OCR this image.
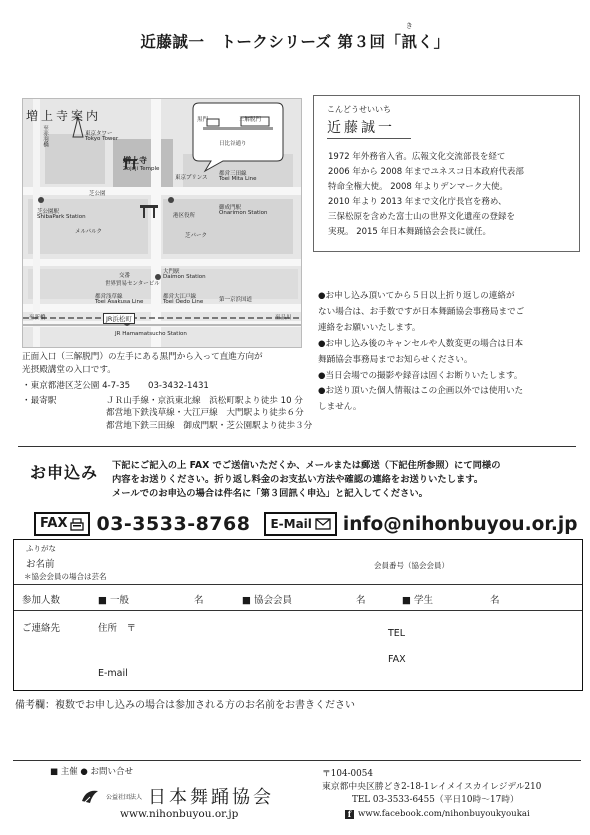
近藤誠一　トークシリーズ 第３回「
き
訊く」
黒門	三解脱門
日比谷通り
東京タワー
Tokyo Tower
増上寺
Zojoji Temple
東京プリンス
都営三田線
Toei Mita Line
芝公園
芝公園駅
ShibaPark Station
御成門駅
Onarimon Station
メルパルク
港区役所
芝パーク
交番
大門駅
Daimon Station
都営浅草線
Toei Asakusa Line
都営大江戸線
Toei Oedo Line
世界貿易センタービル
第一京浜国道
JR Hamamatsucho Station
JR浜松町
至新橋	至品川
至赤羽橋
増上寺案内
正面入口（三解脱門）の左手にある黒門から入って直進方向が
光摂殿講堂の入口です。
・東京都港区芝公園 4-7-35	03-3432-1431
・最寄駅	ＪＲ山手線・京浜東北線　浜松町駅より徒歩 10 分
都営地下鉄浅草線・大江戸線　大門駅より徒歩６分
都営地下鉄三田線　御成門駅・芝公園駅より徒歩３分
こんどうせいいち
近藤誠一
1972 年外務省入省。広報文化交流部長を経て
2006 年から 2008 年までユネスコ日本政府代表部
特命全権大使。 2008 年よりデンマーク大使。
2010 年より 2013 年まで文化庁長官を務め、
三保松原を含めた富士山の世界文化遺産の登録を
実現。 2015 年日本舞踊協会会長に就任。
●お申し込み頂いてから５日以上折り返しの連絡が
ない場合は、お手数ですが日本舞踊協会事務局までご
連絡をお願いいたします。
●お申し込み後のキャンセルや人数変更の場合は日本
舞踊協会事務局までお知らせください。
●当日会場での撮影や録音は固くお断りいたします。
●お送り頂いた個人情報はこの企画以外では使用いた
しません。
お申込み 下記にご記入の上 FAX でご送信いただくか、メールまたは郵送（下記住所参照）にて同様の
内容をお送りください。折り返し料金のお支払い方法や確認の連絡をお送りいたします。
メールでのお申込の場合は件名に「第３回訊く申込」と記入してください。
FAX 03-3533-8768 E-Mail info@nihonbuyou.or.jp
ふりがな
お名前
＊協会会員の場合は芸名
会員番号（協会会員）
参加人数	■ 一般	名	■ 協会会員	名	■ 学生	名
ご連絡先	住所　〒	TEL
FAX
E-mail
備考欄：複数でお申し込みの場合は参加される方のお名前をお書きください
■ 主催 ● お問い合せ
公益社団法人 日本舞踊協会
www.nihonbuyou.or.jp
〒104-0054
東京都中央区勝どき2-18-1レイメイスカイレジデル210
TEL 03-3533-6455（平日10時～17時）
f www.facebook.com/nihonbuyoukyoukai
